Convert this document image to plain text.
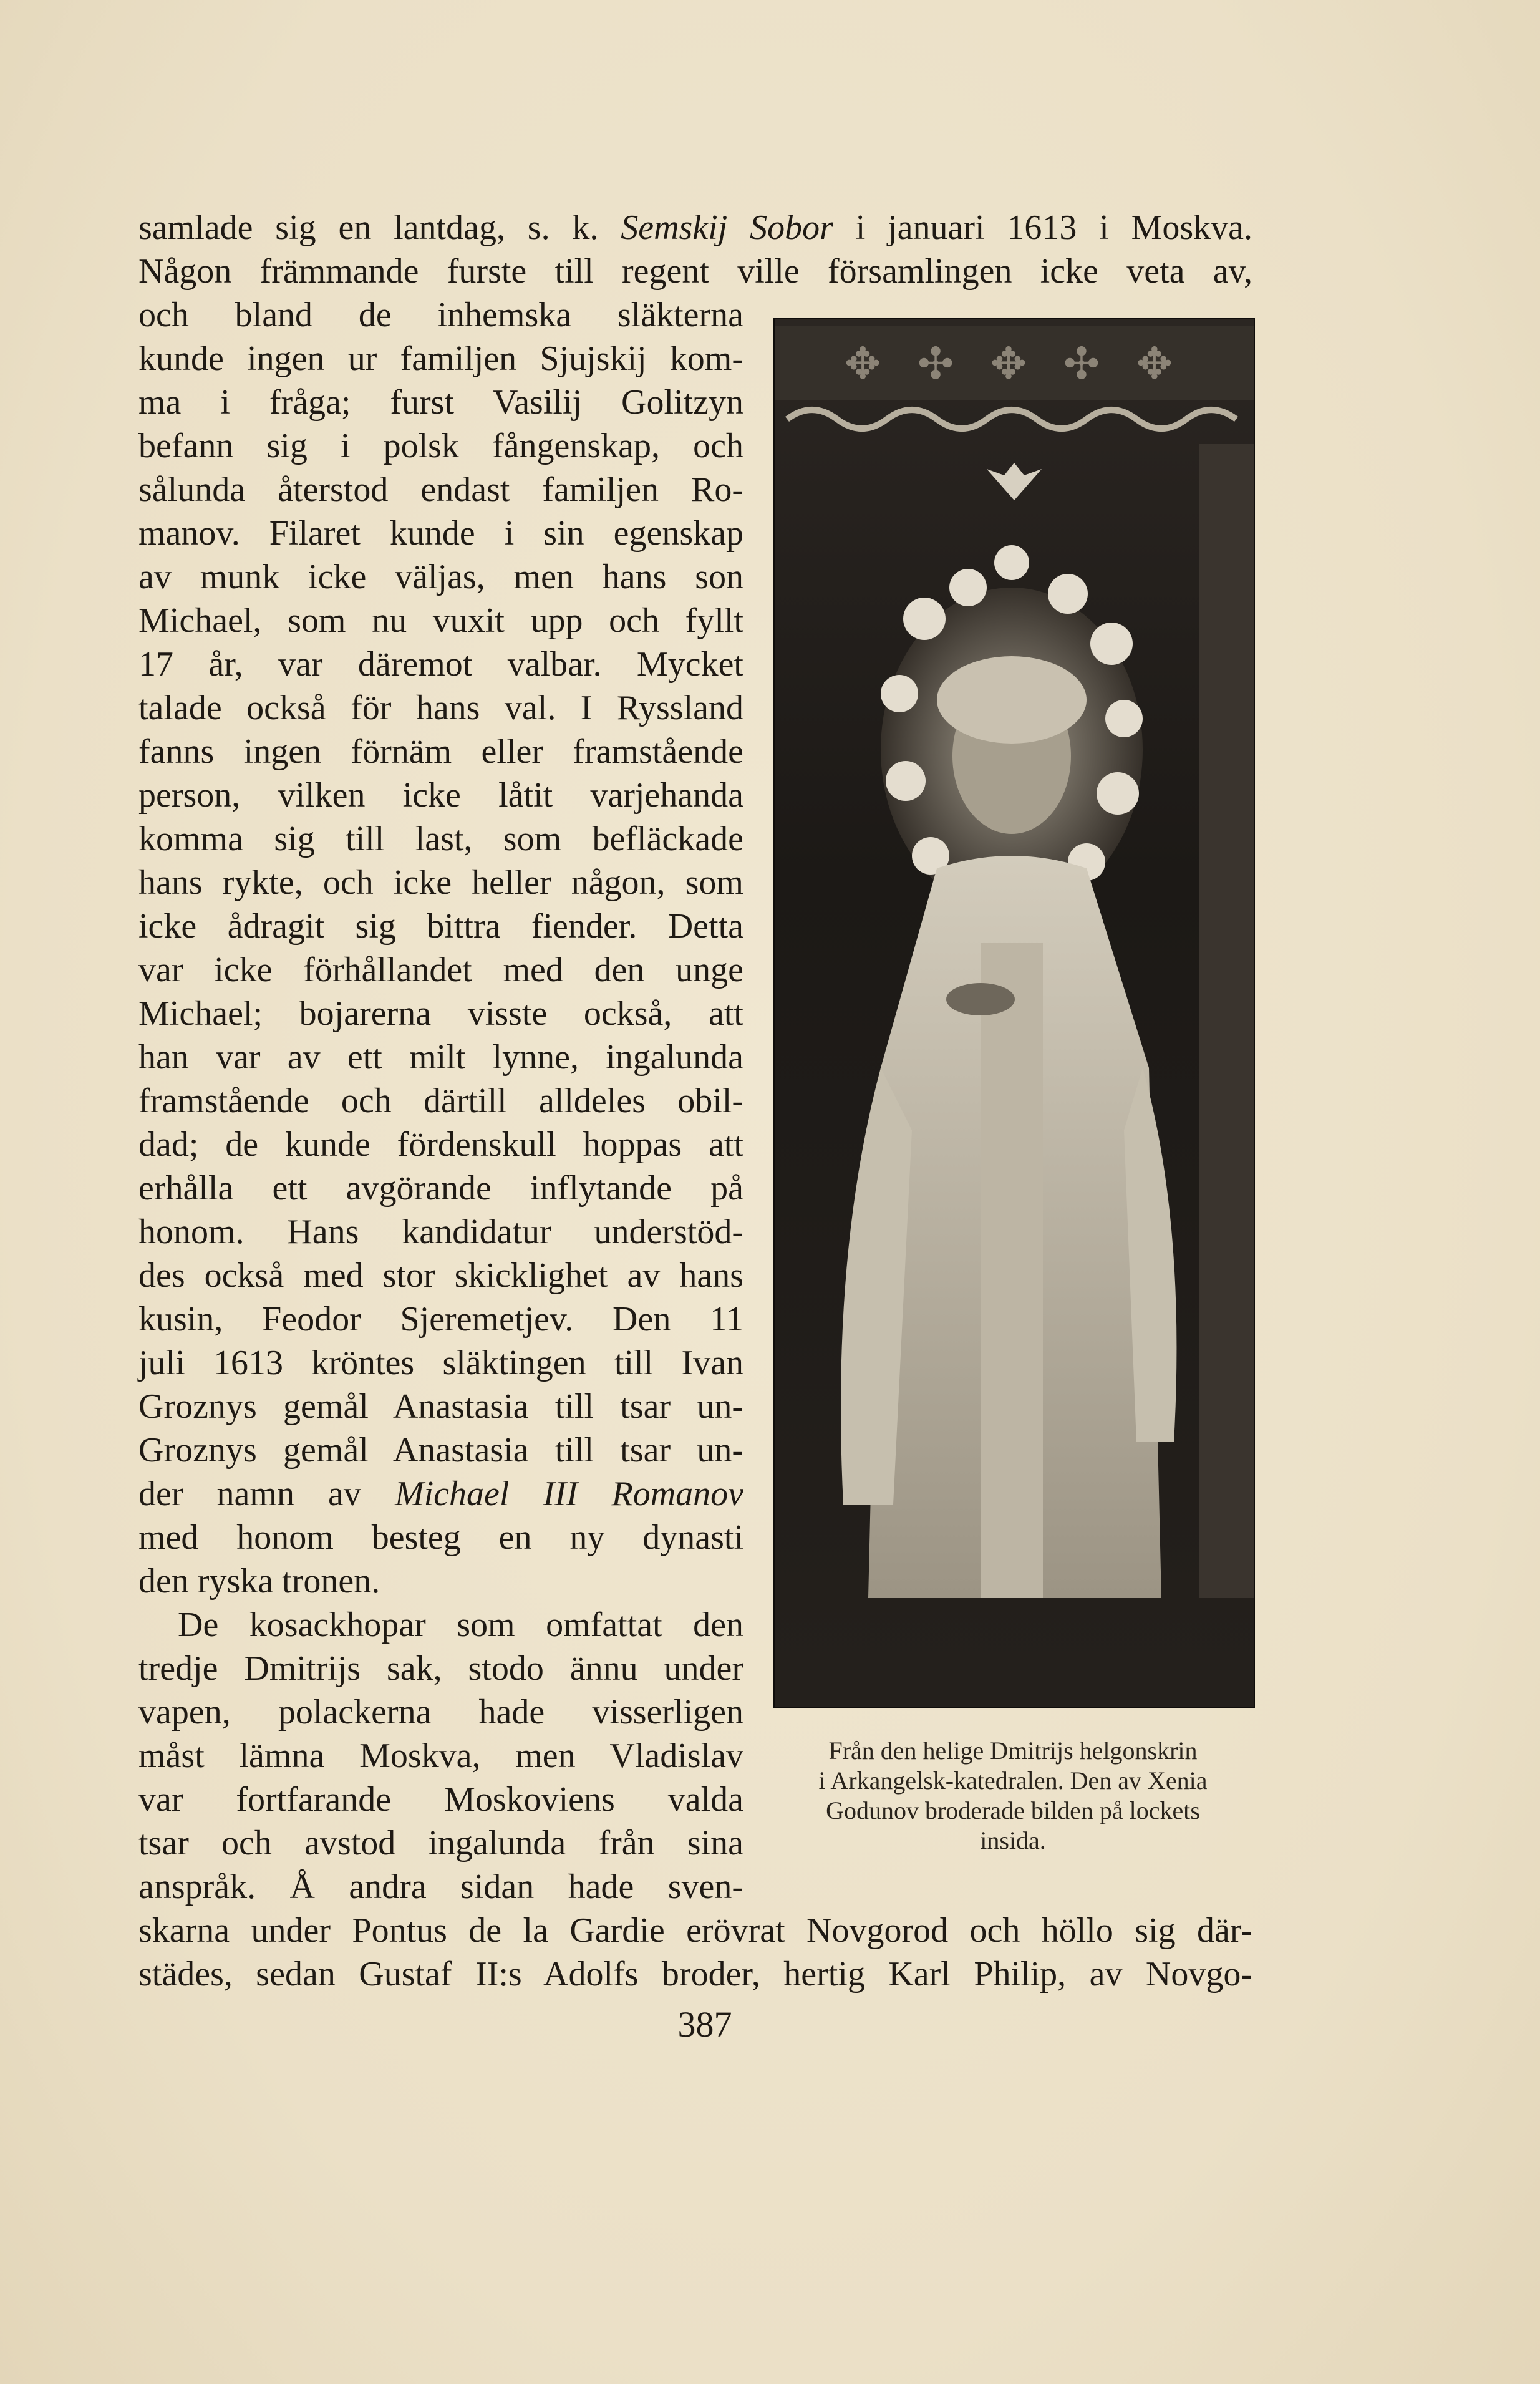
samlade sig en lantdag, s. k. Semskij Sobor i januari 1613 i Moskva.
Någon främmande furste till regent ville församlingen icke veta av,
och bland de inhemska släkterna
kunde ingen ur familjen Sjujskij kom-
ma i fråga; furst Vasilij Golitzyn
befann sig i polsk fångenskap, och
sålunda återstod endast familjen Ro-
manov. Filaret kunde i sin egenskap
av munk icke väljas, men hans son
Michael, som nu vuxit upp och fyllt
17 år, var däremot valbar. Mycket
talade också för hans val. I Ryssland
fanns ingen förnäm eller framstående
person, vilken icke låtit varjehanda
komma sig till last, som befläckade
hans rykte, och icke heller någon, som
icke ådragit sig bittra fiender. Detta
var icke förhållandet med den unge
Michael; bojarerna visste också, att
han var av ett milt lynne, ingalunda
framstående och därtill alldeles obil-
dad; de kunde fördenskull hoppas att
erhålla ett avgörande inflytande på
honom. Hans kandidatur understöd-
des också med stor skicklighet av hans
kusin, Feodor Sjeremetjev. Den 11
juli 1613 kröntes släktingen till Ivan
Groznys gemål Anastasia till tsar un-
Groznys gemål Anastasia till tsar un-
der namn av Michael III Romanov
med honom besteg en ny dynasti
den ryska tronen.
De kosackhopar som omfattat den
tredje Dmitrijs sak, stodo ännu under
vapen, polackerna hade visserligen
måst lämna Moskva, men Vladislav
var fortfarande Moskoviens valda
tsar och avstod ingalunda från sina
anspråk. Å andra sidan hade sven-
skarna under Pontus de la Gardie erövrat Novgorod och höllo sig där-
städes, sedan Gustaf II:s Adolfs broder, hertig Karl Philip, av Novgo-
✥ ✣ ✥ ✣ ✥
Från den helige Dmitrijs helgonskrin
i Arkangelsk-katedralen. Den av Xenia
Godunov broderade bilden på lockets
insida.
387
